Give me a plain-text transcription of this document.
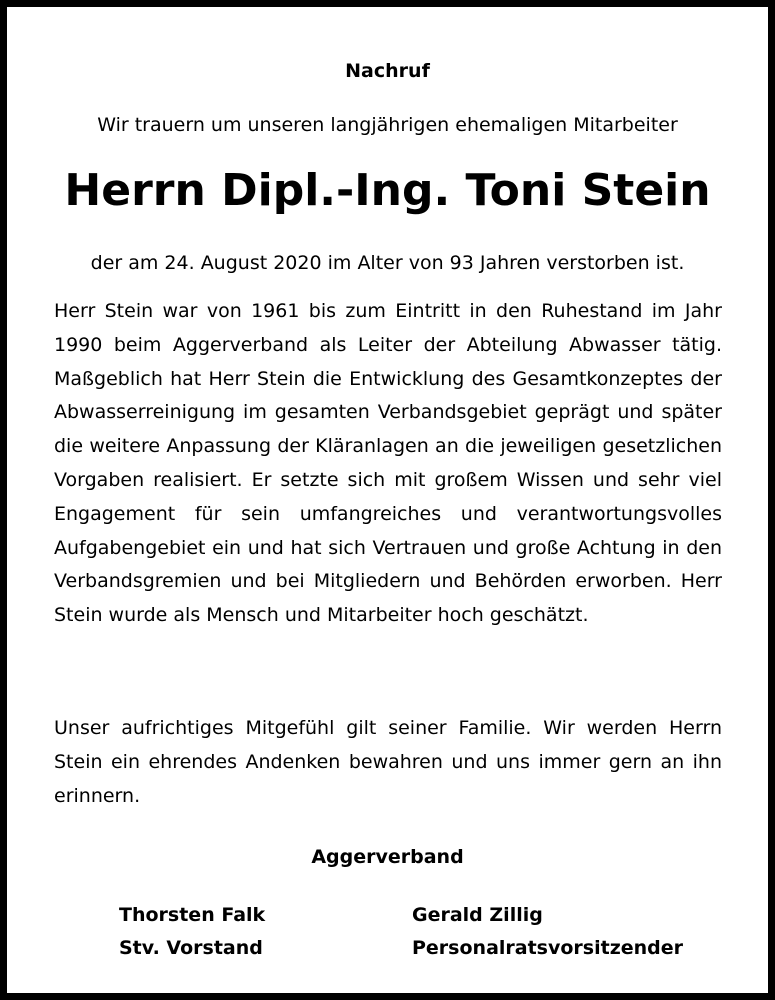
Nachruf
Wir trauern um unseren langjährigen ehemaligen Mitarbeiter
Herrn Dipl.-Ing. Toni Stein
der am 24. August 2020 im Alter von 93 Jahren verstorben ist.

Herr Stein war von 1961 bis zum Eintritt in den Ruhestand im Jahr 1990 beim Aggerverband als Leiter der Abteilung Abwasser tätig. Maßgeblich hat Herr Stein die Entwicklung des Gesamtkonzeptes der Abwasserreinigung im gesamten Verbandsgebiet geprägt und später die weitere Anpassung der Kläranlagen an die jeweiligen gesetzlichen Vorgaben realisiert. Er setzte sich mit großem Wissen und sehr viel Engagement für sein umfangreiches und verantwortungsvolles Aufgabengebiet ein und hat sich Vertrauen und große Achtung in den Verbandsgremien und bei Mitgliedern und Behörden erworben. Herr Stein wurde als Mensch und Mitarbeiter hoch geschätzt.

Unser aufrichtiges Mitgefühl gilt seiner Familie. Wir werden Herrn Stein ein ehrendes Andenken bewahren und uns immer gern an ihn erinnern.

Aggerverband
Thorsten Falk
Stv. Vorstand
Gerald Zillig
Personalratsvorsitzender
